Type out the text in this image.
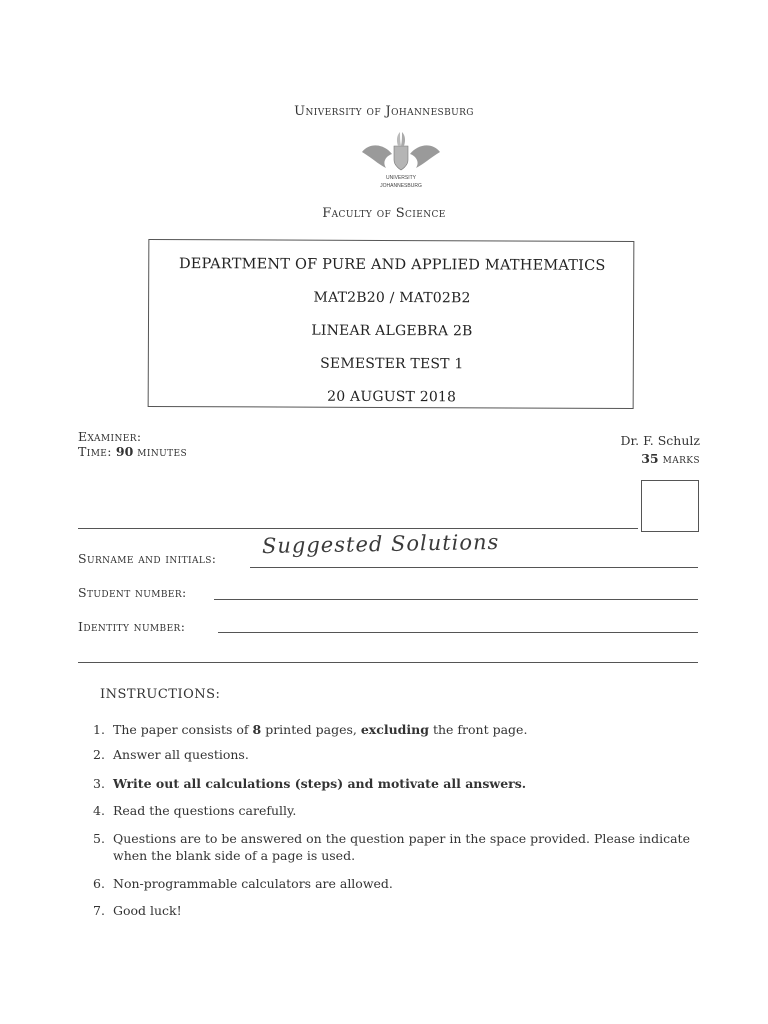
University of Johannesburg
UNIVERSITY
JOHANNESBURG
Faculty of Science
DEPARTMENT OF PURE AND APPLIED MATHEMATICS
MAT2B20 / MAT02B2
LINEAR ALGEBRA 2B
SEMESTER TEST 1
20 AUGUST 2018
Examiner:
Time: 90 minutes
Dr. F. Schulz
35 marks
Surname and initials:
Suggested Solutions
Student number:
Identity number:
INSTRUCTIONS:
1. The paper consists of 8 printed pages, excluding the front page.
2. Answer all questions.
3. Write out all calculations (steps) and motivate all answers.
4. Read the questions carefully.
5. Questions are to be answered on the question paper in the space provided. Please indicate
when the blank side of a page is used.
6. Non-programmable calculators are allowed.
7. Good luck!
